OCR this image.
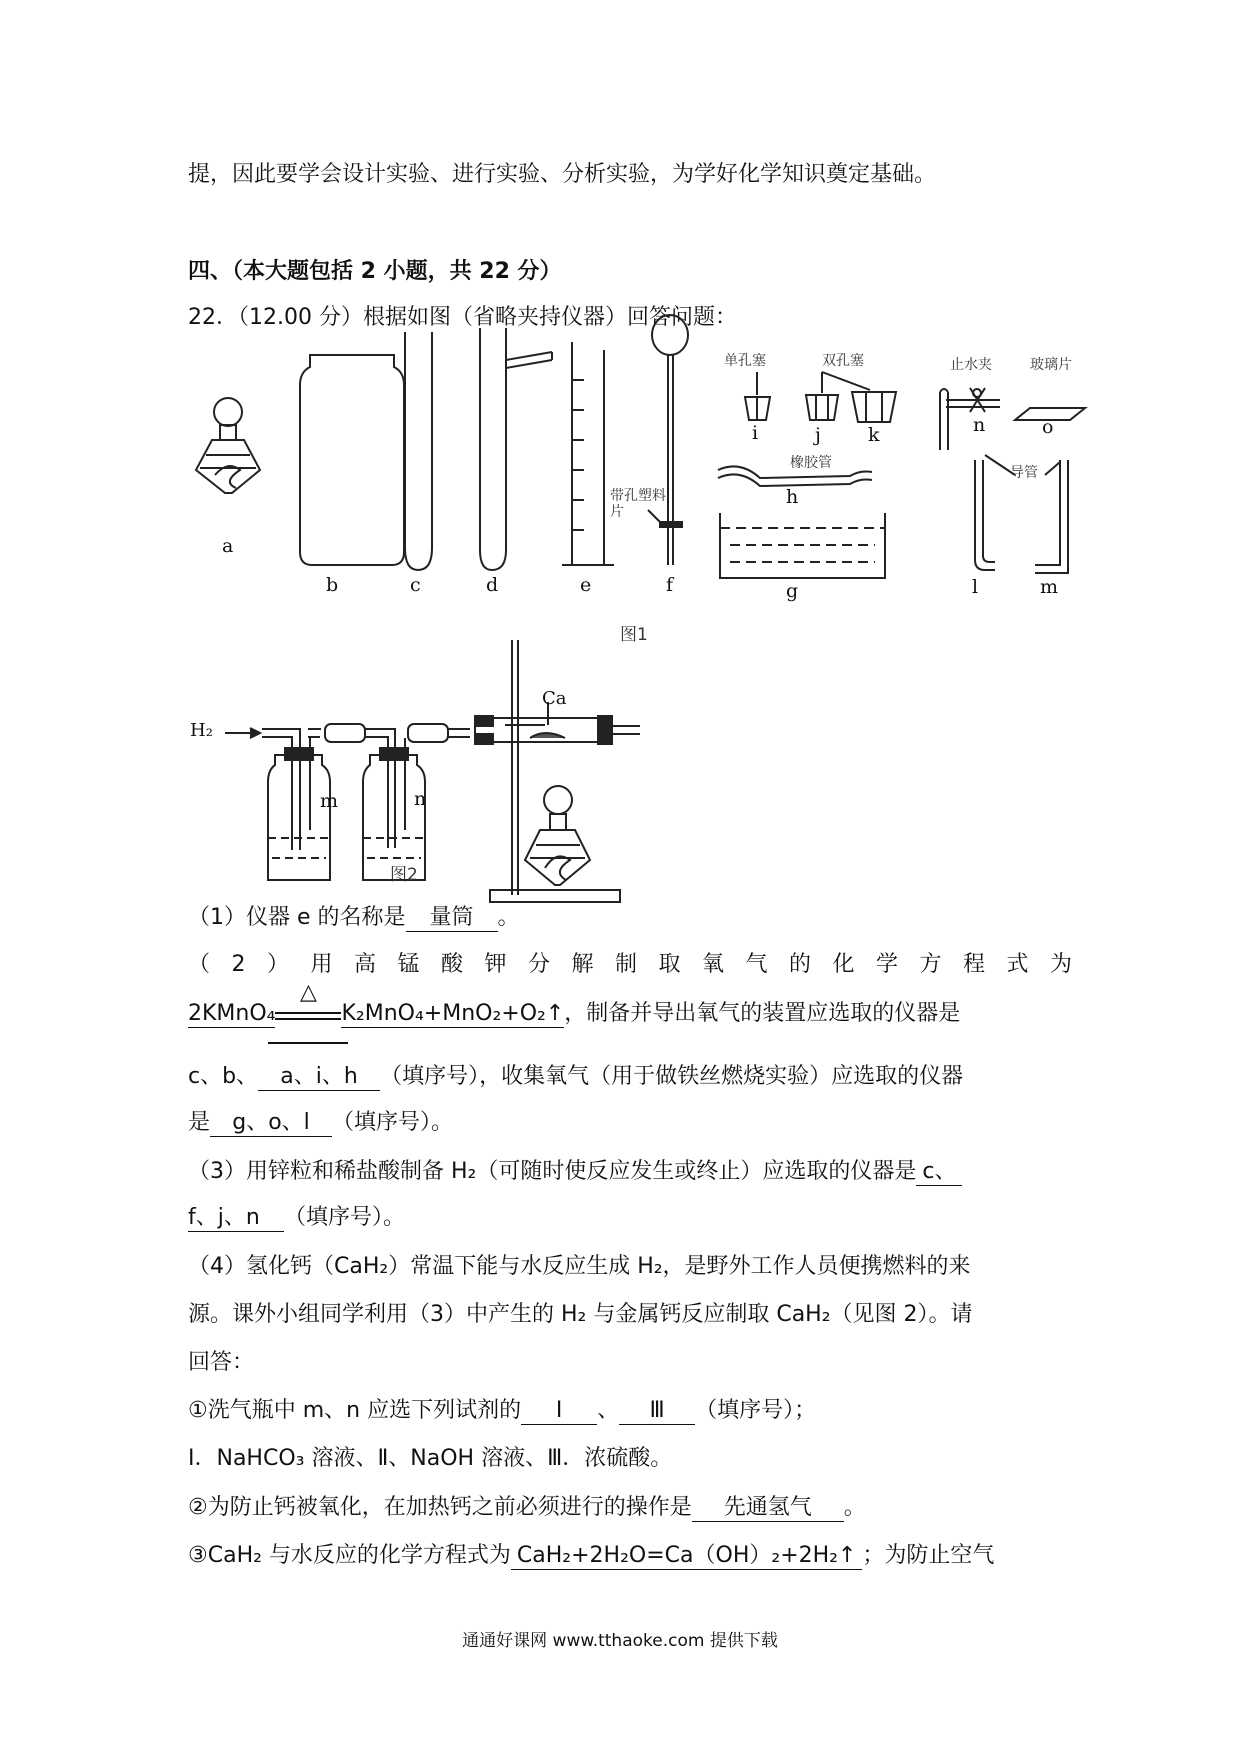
提，因此要学会设计实验、进行实验、分析实验，为学好化学知识奠定基础。
四、（本大题包括 2 小题，共 22 分）
22．（12.00 分）根据如图（省略夹持仪器）回答问题：
a
b	c	d	e	f	g
h
i	j k
l	m
n	o
单孔塞	双孔塞
带孔塑料片
橡胶管
止水夹	玻璃片
导管
图1
H₂
Ca
m	n
图2
（1）仪器 e 的名称是 量筒 。
（2）用高锰酸钾分解制取氧气的化学方程式为
2KMnO₄
△
K₂MnO₄+MnO₂+O₂↑，制备并导出氧气的装置应选取的仪器是
c、b、 a、i、h （填序号），收集氧气（用于做铁丝燃烧实验）应选取的仪器
是 g、o、l （填序号）。
（3）用锌粒和稀盐酸制备 H₂（可随时使反应发生或终止）应选取的仪器是 c、
f、j、n （填序号）。
（4）氢化钙（CaH₂）常温下能与水反应生成 H₂，是野外工作人员便携燃料的来
源。课外小组同学利用（3）中产生的 H₂ 与金属钙反应制取 CaH₂（见图 2）。请
回答：
①洗气瓶中 m、n 应选下列试剂的 Ⅰ 、 Ⅲ （填序号）；
Ⅰ．NaHCO₃ 溶液、Ⅱ、NaOH 溶液、Ⅲ．浓硫酸。
②为防止钙被氧化，在加热钙之前必须进行的操作是 先通氢气 。
③CaH₂ 与水反应的化学方程式为 CaH₂+2H₂O=Ca（OH）₂+2H₂↑ ；为防止空气
通通好课网 www.tthaoke.com 提供下载
